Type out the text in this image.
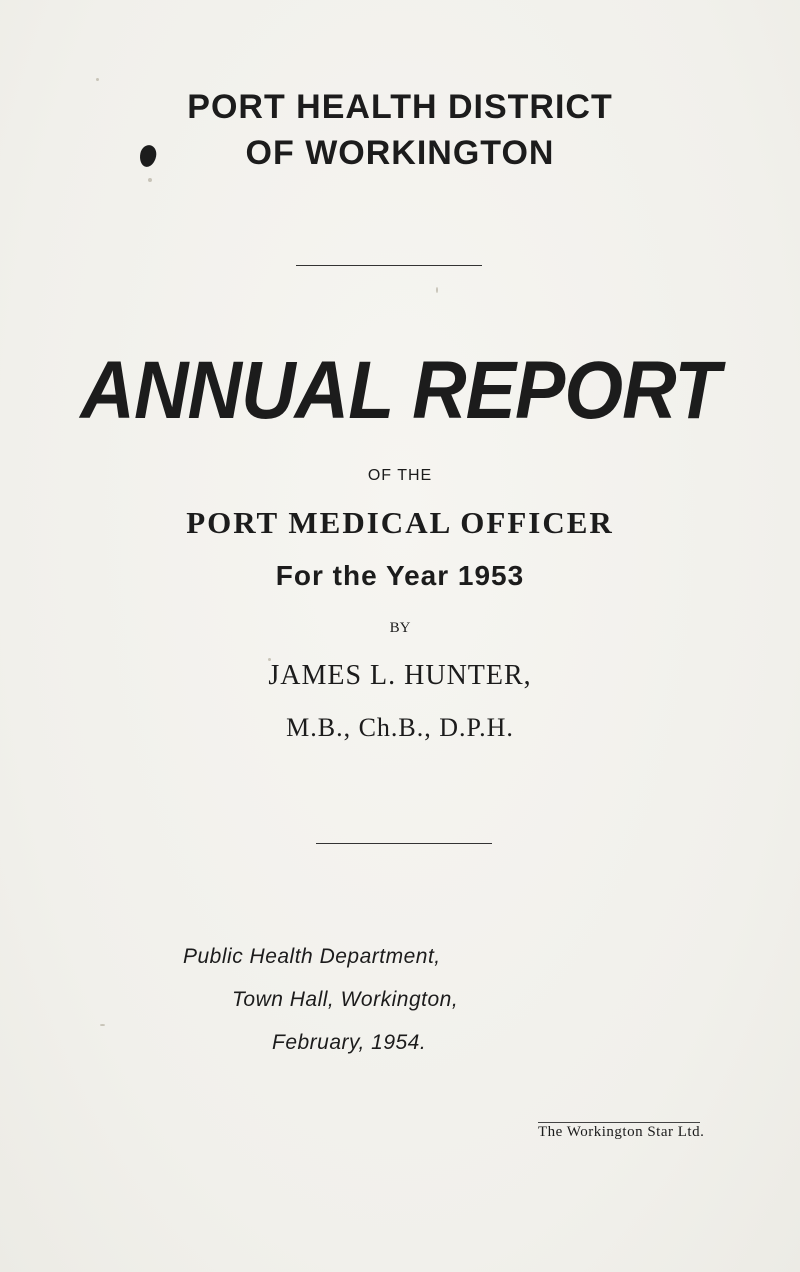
PORT HEALTH DISTRICT
OF WORKINGTON
ANNUAL REPORT
OF THE
PORT MEDICAL OFFICER
For the Year 1953
BY
JAMES L. HUNTER,
M.B., Ch.B., D.P.H.
Public Health Department,
Town Hall, Workington,
February, 1954.
The Workington Star Ltd.
